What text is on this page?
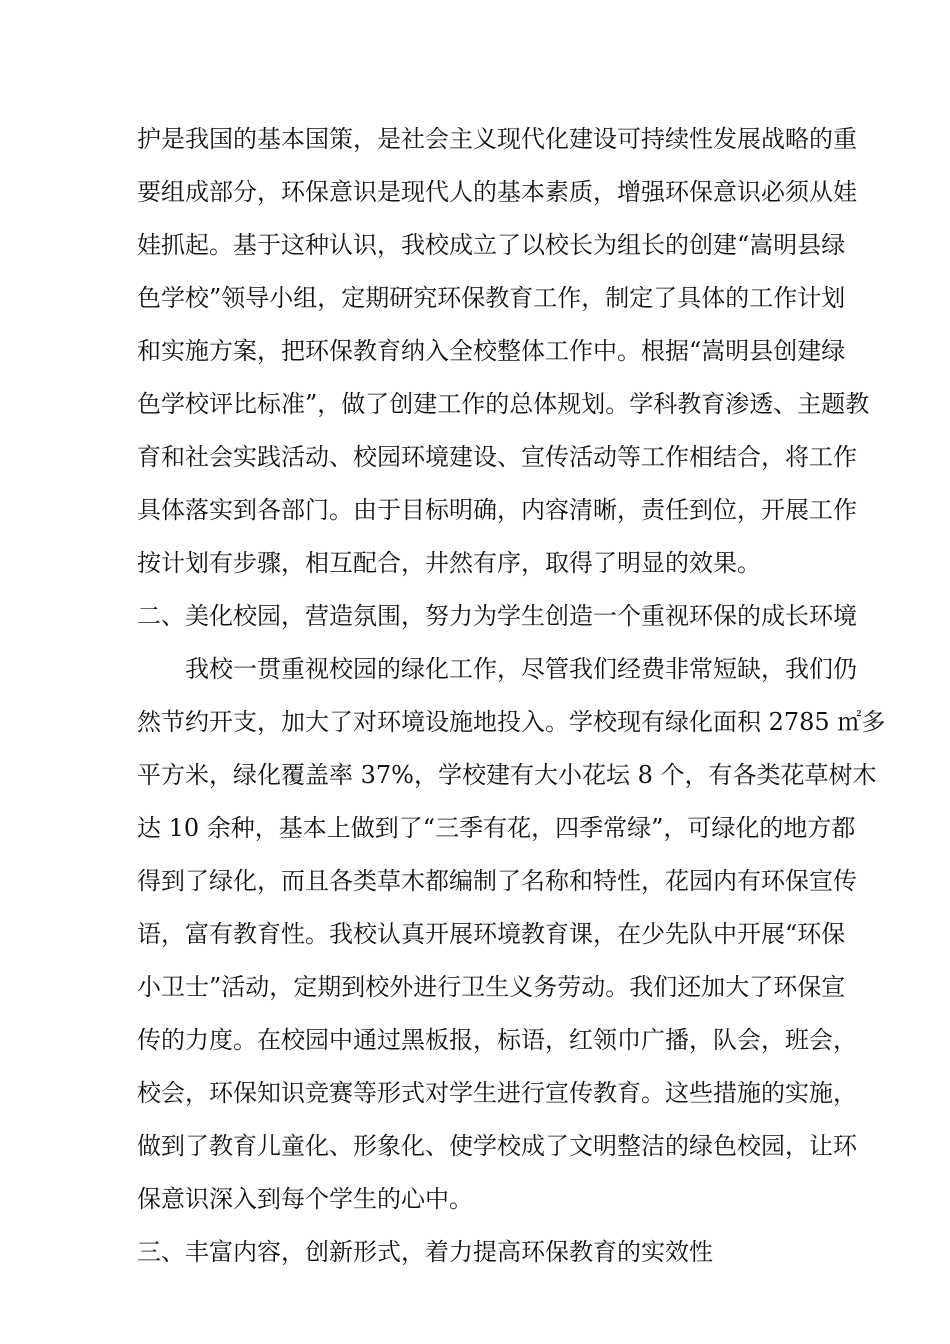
护是我国的基本国策，是社会主义现代化建设可持续性发展战略的重
要组成部分，环保意识是现代人的基本素质，增强环保意识必须从娃
娃抓起。基于这种认识，我校成立了以校长为组长的创建“嵩明县绿
色学校”领导小组，定期研究环保教育工作，制定了具体的工作计划
和实施方案，把环保教育纳入全校整体工作中。根据“嵩明县创建绿
色学校评比标准”，做了创建工作的总体规划。学科教育渗透、主题教
育和社会实践活动、校园环境建设、宣传活动等工作相结合，将工作
具体落实到各部门。由于目标明确，内容清晰，责任到位，开展工作
按计划有步骤，相互配合，井然有序，取得了明显的效果。
二、美化校园，营造氛围，努力为学生创造一个重视环保的成长环境
我校一贯重视校园的绿化工作，尽管我们经费非常短缺，我们仍
然节约开支，加大了对环境设施地投入。学校现有绿化面积 2785 ㎡多
平方米，绿化覆盖率 37%，学校建有大小花坛 8 个，有各类花草树木
达 10 余种，基本上做到了“三季有花，四季常绿”，可绿化的地方都
得到了绿化，而且各类草木都编制了名称和特性，花园内有环保宣传
语，富有教育性。我校认真开展环境教育课，在少先队中开展“环保
小卫士”活动，定期到校外进行卫生义务劳动。我们还加大了环保宣
传的力度。在校园中通过黑板报，标语，红领巾广播，队会，班会，
校会，环保知识竞赛等形式对学生进行宣传教育。这些措施的实施，
做到了教育儿童化、形象化、使学校成了文明整洁的绿色校园，让环
保意识深入到每个学生的心中。
三、丰富内容，创新形式，着力提高环保教育的实效性
